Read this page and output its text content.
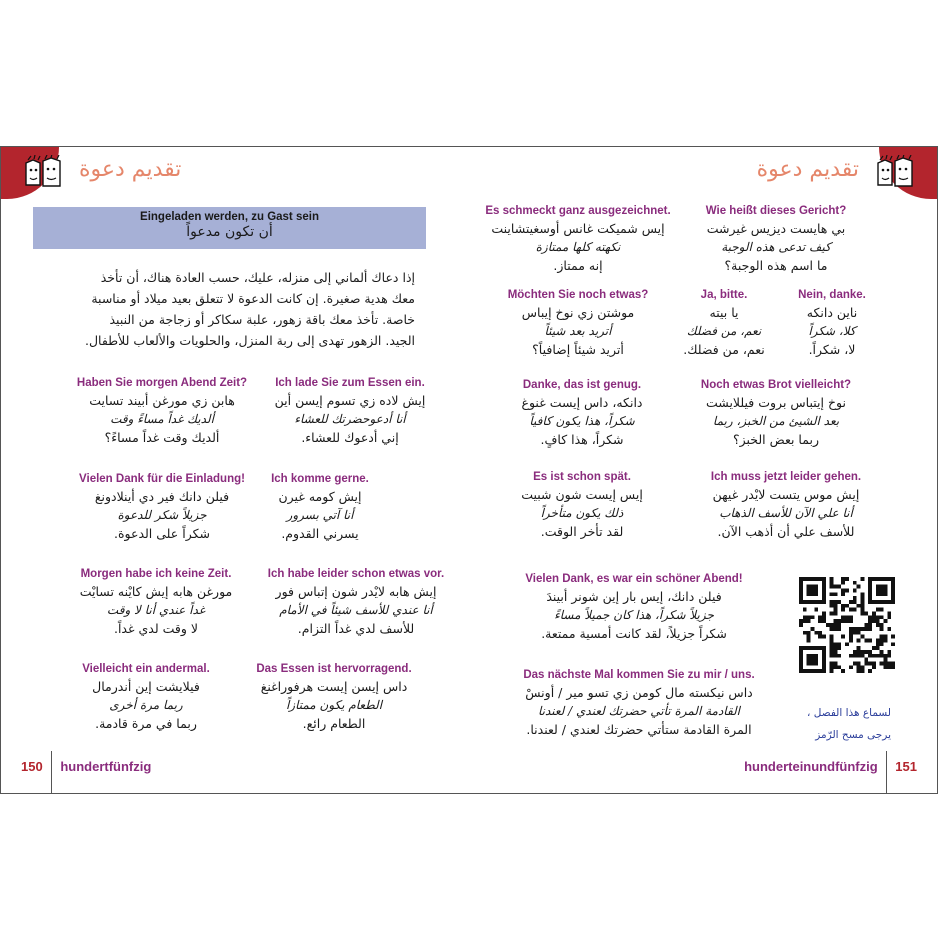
تقديم دعوة
Eingeladen werden, zu Gast sein
أن تكون مدعواً

إذا دعاك ألماني إلى منزله، عليك، حسب العادة هناك، أن تأخذ

معك هدية صغيرة. إن كانت الدعوة لا تتعلق بعيد ميلاد أو مناسبة

خاصة. تأخذ معك باقة زهور، علبة سكاكر أو زجاجة من النبيذ

الجيد. الزهور تهدى إلى ربة المنزل، والحلويات والألعاب للأطفال.

Haben Sie morgen Abend Zeit?
هابن زي مورغن أبيند تسايت
ألديك غداً مساءً وقت
ألديك وقت غداً مساءً؟
Ich lade Sie zum Essen ein.
إيش لاده زي تسوم إيسن أين
أنا أدعوحضرتك للعشاء
إني أدعوك للعشاء.
Vielen Dank für die Einladung!
فيلن دانك فير دي أينلادونغ
جزيلاً شكر للدعوة
شكراً على الدعوة.
Ich komme gerne.
إيش كومه غيرن
أنا آتي بسرور
يسرني القدوم.
Morgen habe ich keine Zeit.
مورغن هابه إيش كايْنه تسايْت
غداً عندي أنا لا وقت
لا وقت لدي غداً.
Ich habe leider schon etwas vor.
إيش هابه لايْدر شون إتباس فور
أنا عندي للأسف شيئاً في الأمام
للأسف لدي غداً التزام.
Vielleicht ein andermal.
فيلايشت إين أندرمال
ربما مرة أخرى
ربما في مرة قادمة.
Das Essen ist hervorragend.
داس إيسن إيست هرفوراغنغ
الطعام يكون ممتازاً
الطعام رائع.
150 hundertfünfzig
تقديم دعوة
Es schmeckt ganz ausgezeichnet.
إيس شميكت غانس أوسغيتشاينت
نكهته كلها ممتازة
إنه ممتاز.
Wie heißt dieses Gericht?
بي هايست ديزيس غيرشت
كيف تدعى هذه الوجبة
ما اسم هذه الوجبة؟
Möchten Sie noch etwas?
موشتن زي نوخ إيباس
أتريد بعد شيئاً
أتريد شيئاً إضافياً؟
Ja, bitte.
يا بيته
نعم، من فضلك
نعم، من فضلك.
Nein, danke.
ناين دانكه
كلا، شكراً
لا، شكراً.
Danke, das ist genug.
دانكه، داس إيست غنوغ
شكراً، هذا يكون كافياً
شكراً، هذا كافٍ.
Noch etwas Brot vielleicht?
نوخ إيتباس بروت فيللايشت
بعد الشيئ من الخبز، ربما
ربما بعض الخبز؟
Es ist schon spät.
إيس إيست شون شبيت
ذلك يكون متأخراً
لقد تأخر الوقت.
Ich muss jetzt leider gehen.
إيش موس يتست لايْدر غيهن
أنا علي الآن للأسف الذهاب
للأسف علي أن أذهب الآن.
Vielen Dank, es war ein schöner Abend!
فيلن دانك، إيس بار إين شونر أبيندَ
جزيلاً شكراً، هذا كان جميلاً مساءً
شكراً جزيلاً، لقد كانت أمسية ممتعة.
Das nächste Mal kommen Sie zu mir / uns.
داس نيكسته مال كومن زي تسو مير / أونسْ
القادمة المرة تأتي حضرتك لعندي / لعندنا
المرة القادمة ستأتي حضرتك لعندي / لعندنا.
لسماع هذا الفصل ،
يرجى مسح الرّمز
hunderteinundfünfzig 151
